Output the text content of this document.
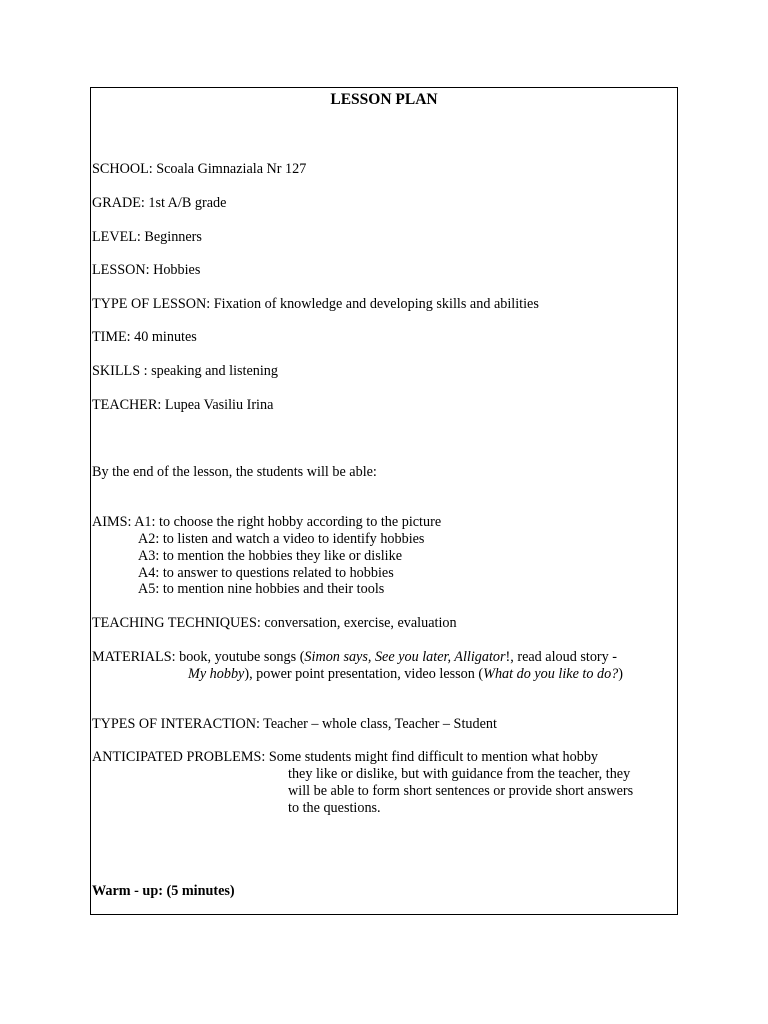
LESSON PLAN
SCHOOL: Scoala Gimnaziala Nr 127
GRADE: 1st A/B grade
LEVEL: Beginners
LESSON: Hobbies
TYPE OF LESSON: Fixation of knowledge and developing skills and abilities
TIME: 40 minutes
SKILLS : speaking and listening
TEACHER: Lupea Vasiliu Irina
By the end of the lesson, the students will be able:
AIMS: A1: to choose the right hobby according to the picture
A2: to listen and watch a video to identify hobbies
A3: to mention the hobbies they like or dislike
A4: to answer to questions related to hobbies
A5: to mention nine hobbies and their tools
TEACHING TECHNIQUES: conversation, exercise, evaluation
MATERIALS: book, youtube songs (Simon says, See you later, Alligator!, read aloud story -
My hobby), power point presentation, video lesson (What do you like to do?)
TYPES OF INTERACTION: Teacher – whole class, Teacher – Student
ANTICIPATED PROBLEMS: Some students might find difficult to mention what hobby
they like or dislike, but with guidance from the teacher, they
will be able to form short sentences or provide short answers
to the questions.
Warm - up: (5 minutes)
